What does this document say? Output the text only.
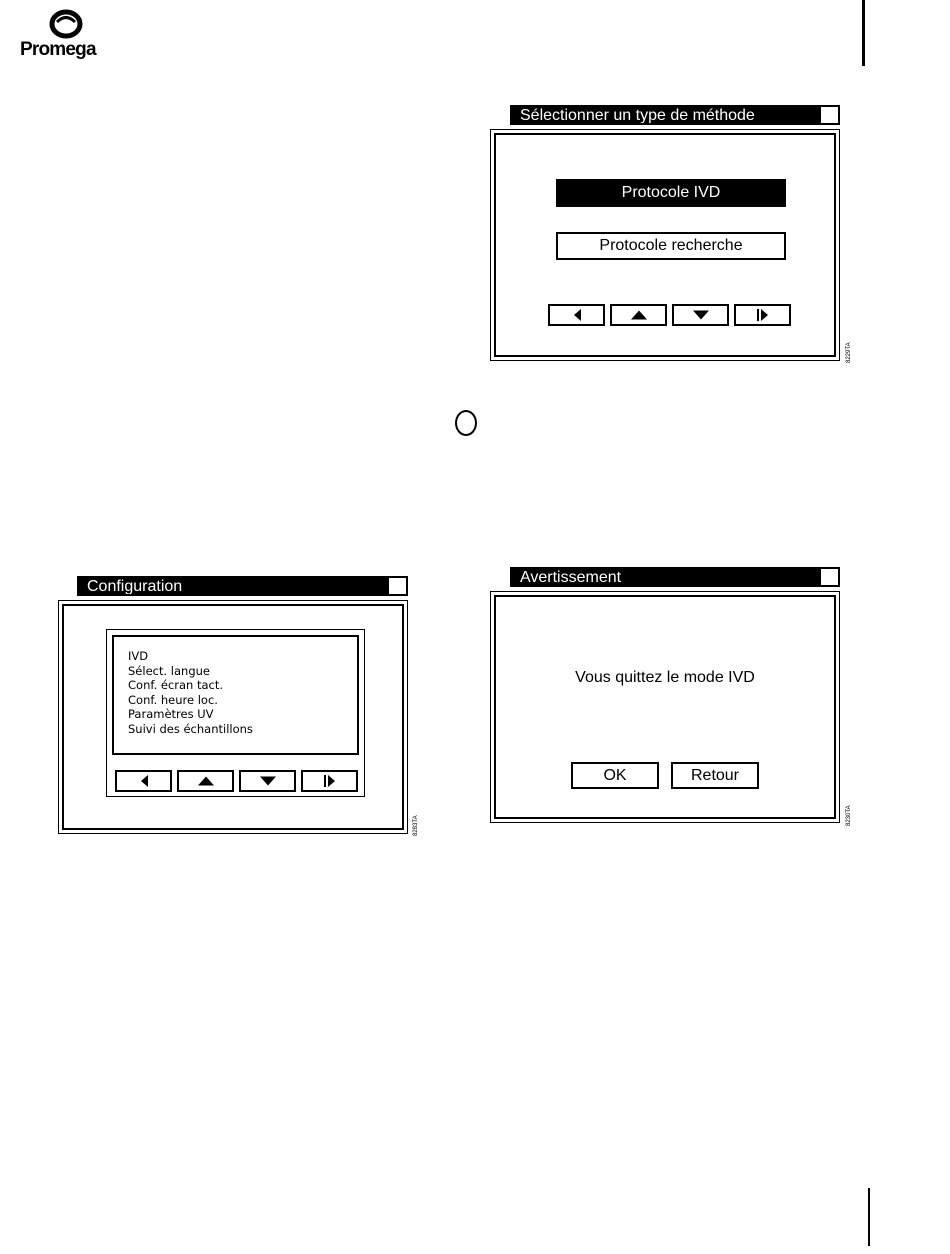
Promega
Sélectionner un type de méthode
Protocole IVD
Protocole recherche
8229TA
Configuration
IVD
Sélect. langue
Conf. écran tact.
Conf. heure loc.
Paramètres UV
Suivi des échantillons
8283TA
Avertissement
Vous quittez le mode IVD
OK	Retour
8230TA
